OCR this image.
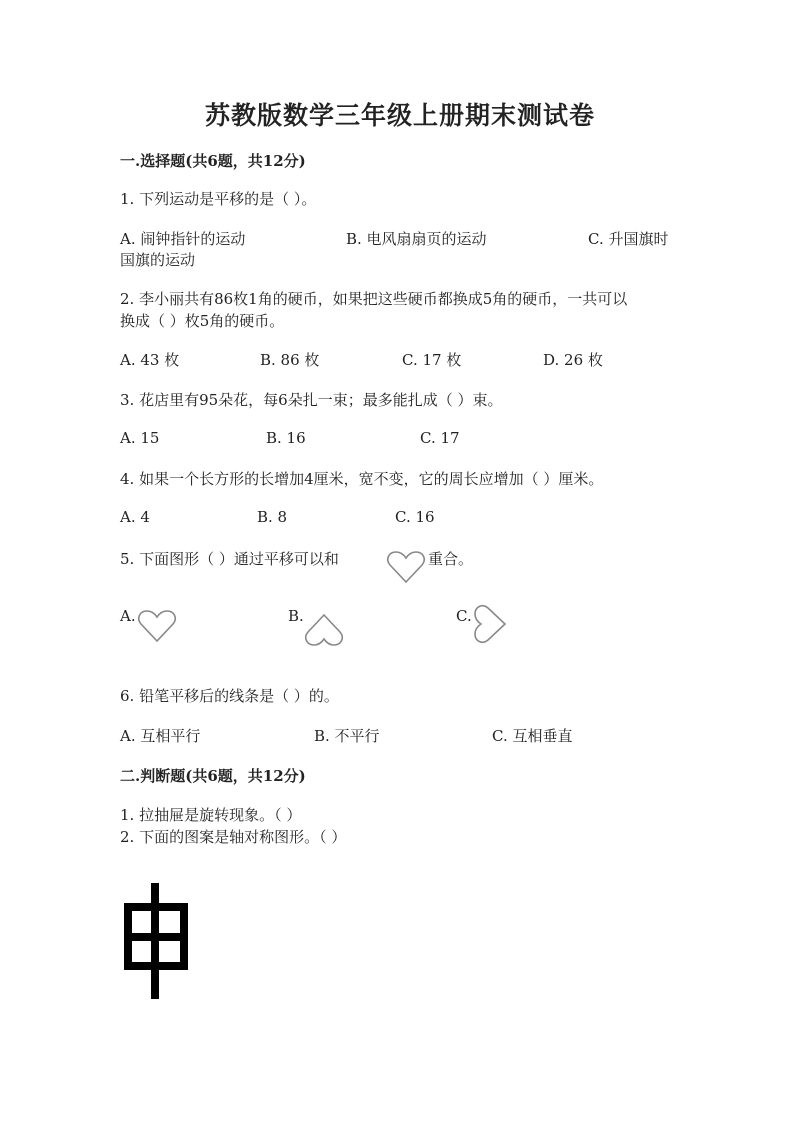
苏教版数学三年级上册期末测试卷
一.选择题(共6题，共12分)
1. 下列运动是平移的是（ ）。
A. 闹钟指针的运动	B. 电风扇扇页的运动	C. 升国旗时
国旗的运动
2. 李小丽共有86枚1角的硬币，如果把这些硬币都换成5角的硬币，一共可以
换成（ ）枚5角的硬币。
A. 43 枚	B. 86 枚	C. 17 枚	D. 26 枚
3. 花店里有95朵花，每6朵扎一束；最多能扎成（ ）束。
A. 15	B. 16	C. 17
4. 如果一个长方形的长增加4厘米，宽不变，它的周长应增加（ ）厘米。
A. 4	B. 8	C. 16
5. 下面图形（ ）通过平移可以和	重合。
A.	B.	C.
6. 铅笔平移后的线条是（ ）的。
A. 互相平行	B. 不平行	C. 互相垂直
二.判断题(共6题，共12分)
1. 拉抽屉是旋转现象。（ ）
2. 下面的图案是轴对称图形。（ ）
